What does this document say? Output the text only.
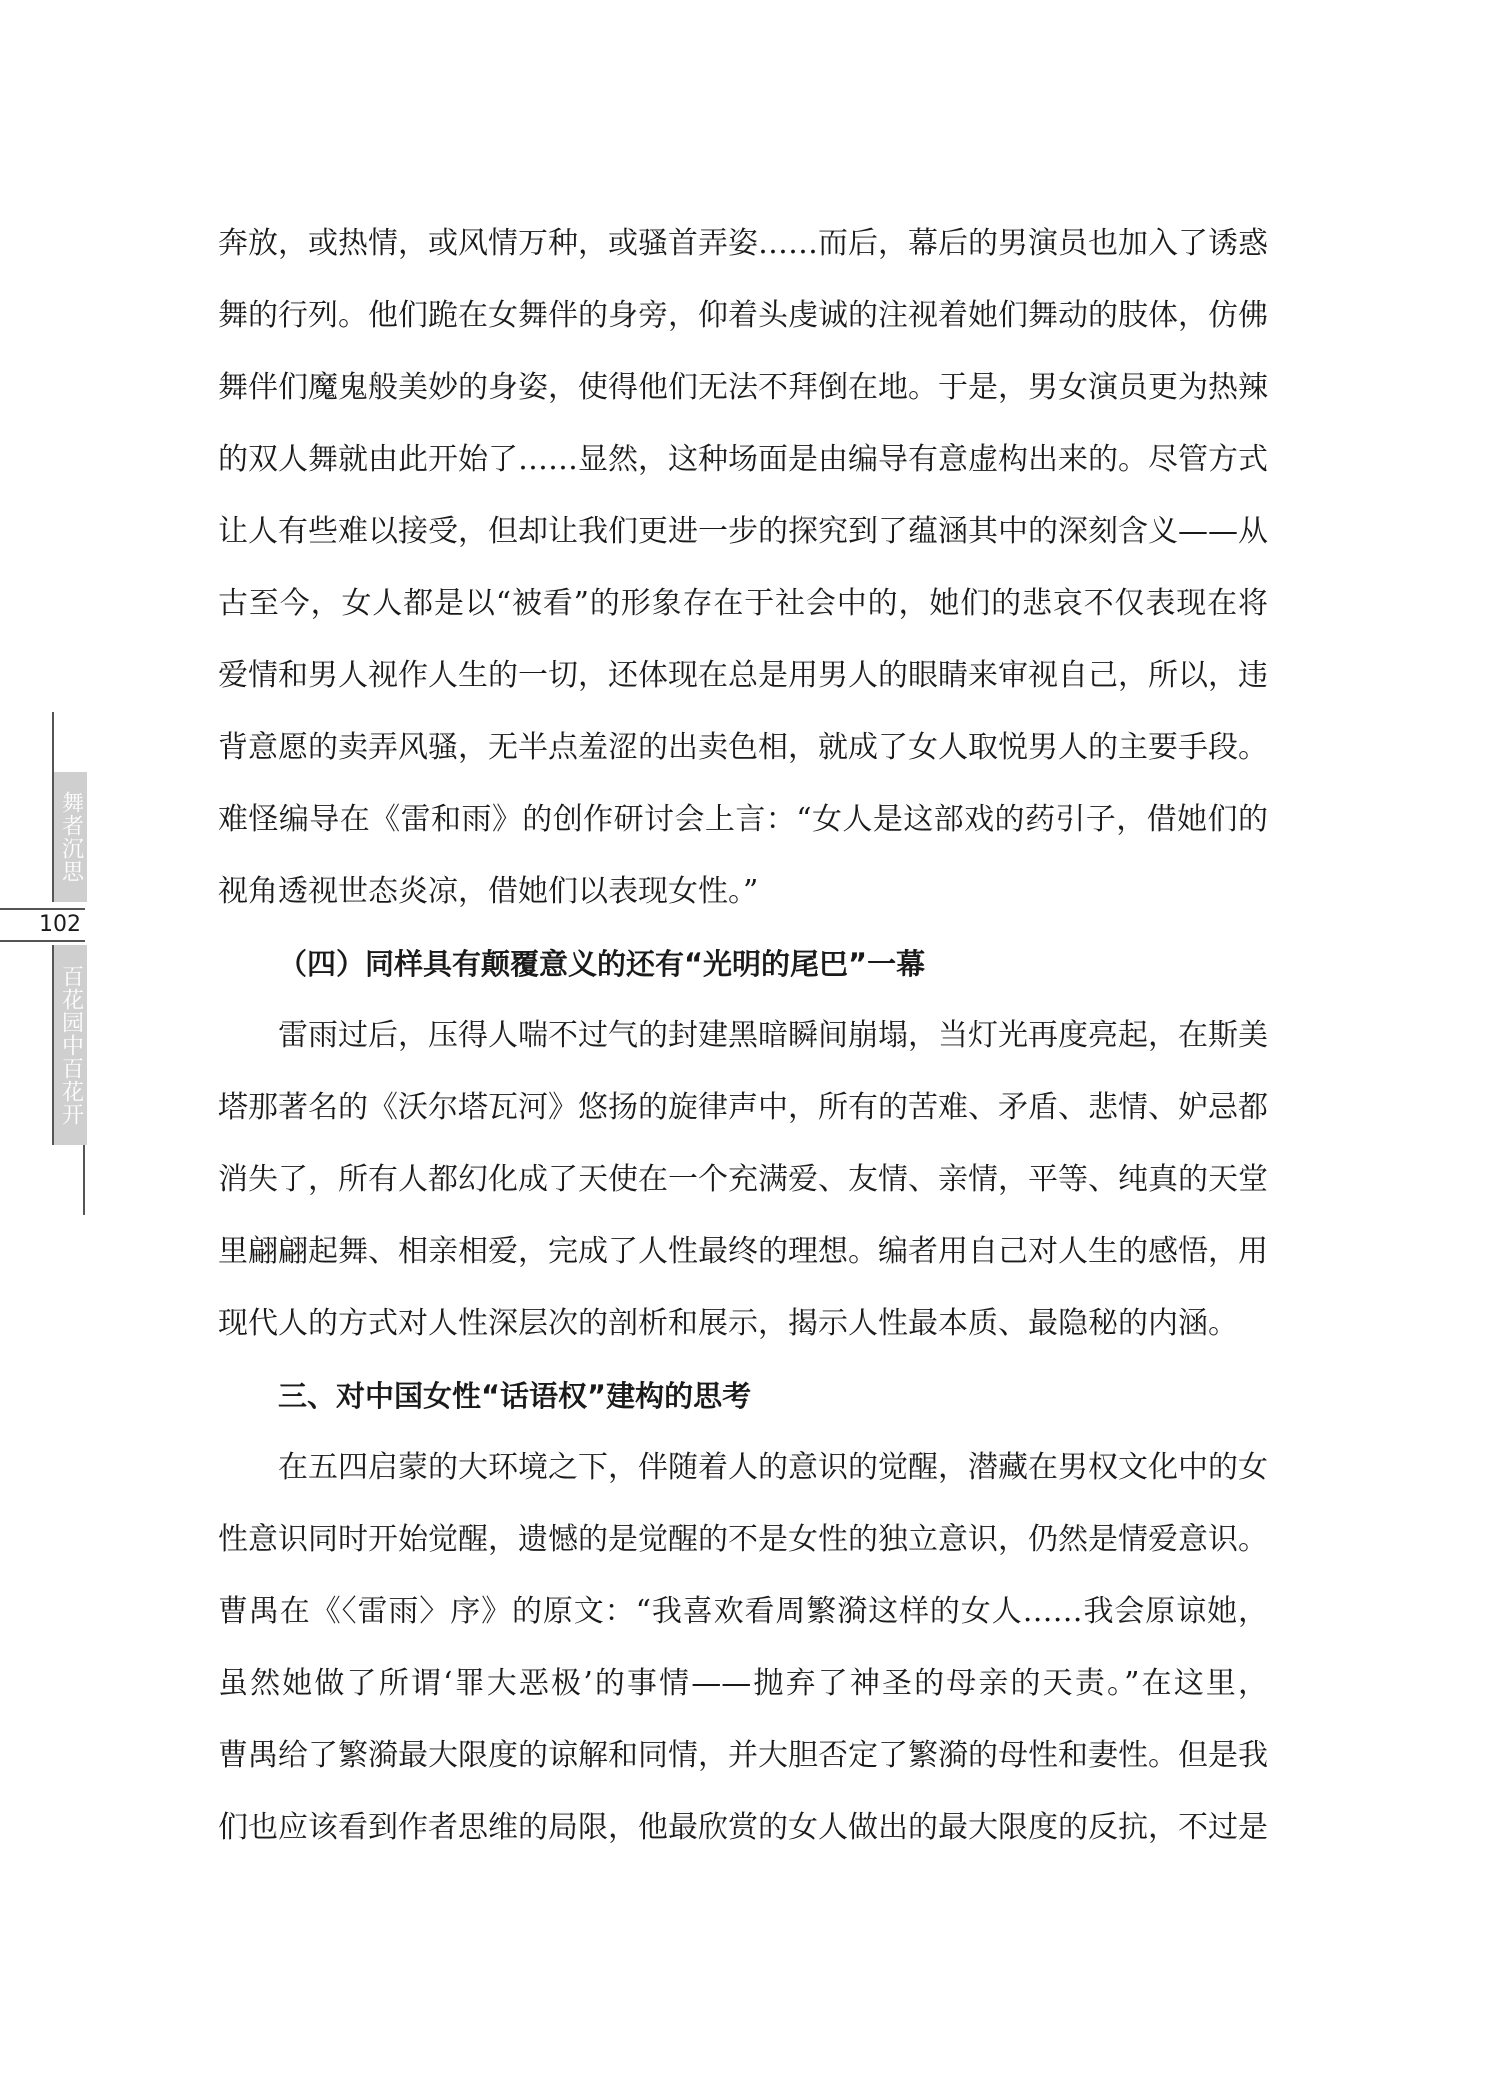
舞者沉思
102
百花园中百花开

奔放，或热情，或风情万种，或骚首弄姿……而后，幕后的男演员也加入了诱惑

舞的行列。他们跪在女舞伴的身旁，仰着头虔诚的注视着她们舞动的肢体，仿佛

舞伴们魔鬼般美妙的身姿，使得他们无法不拜倒在地。于是，男女演员更为热辣

的双人舞就由此开始了……显然，这种场面是由编导有意虚构出来的。尽管方式

让人有些难以接受，但却让我们更进一步的探究到了蕴涵其中的深刻含义——从

古至今，女人都是以“被看”的形象存在于社会中的，她们的悲哀不仅表现在将

爱情和男人视作人生的一切，还体现在总是用男人的眼睛来审视自己，所以，违

背意愿的卖弄风骚，无半点羞涩的出卖色相，就成了女人取悦男人的主要手段。

难怪编导在《雷和雨》的创作研讨会上言：“女人是这部戏的药引子，借她们的

视角透视世态炎凉，借她们以表现女性。”

（四）同样具有颠覆意义的还有“光明的尾巴”一幕

雷雨过后，压得人喘不过气的封建黑暗瞬间崩塌，当灯光再度亮起，在斯美

塔那著名的《沃尔塔瓦河》悠扬的旋律声中，所有的苦难、矛盾、悲情、妒忌都

消失了，所有人都幻化成了天使在一个充满爱、友情、亲情，平等、纯真的天堂

里翩翩起舞、相亲相爱，完成了人性最终的理想。编者用自己对人生的感悟，用

现代人的方式对人性深层次的剖析和展示，揭示人性最本质、最隐秘的内涵。

三、对中国女性“话语权”建构的思考

在五四启蒙的大环境之下，伴随着人的意识的觉醒，潜藏在男权文化中的女

性意识同时开始觉醒，遗憾的是觉醒的不是女性的独立意识，仍然是情爱意识。

曹禺在《〈雷雨〉序》的原文：“我喜欢看周繁漪这样的女人……我会原谅她，

虽然她做了所谓‘罪大恶极’的事情——抛弃了神圣的母亲的天责。”在这里，

曹禺给了繁漪最大限度的谅解和同情，并大胆否定了繁漪的母性和妻性。但是我

们也应该看到作者思维的局限，他最欣赏的女人做出的最大限度的反抗，不过是
